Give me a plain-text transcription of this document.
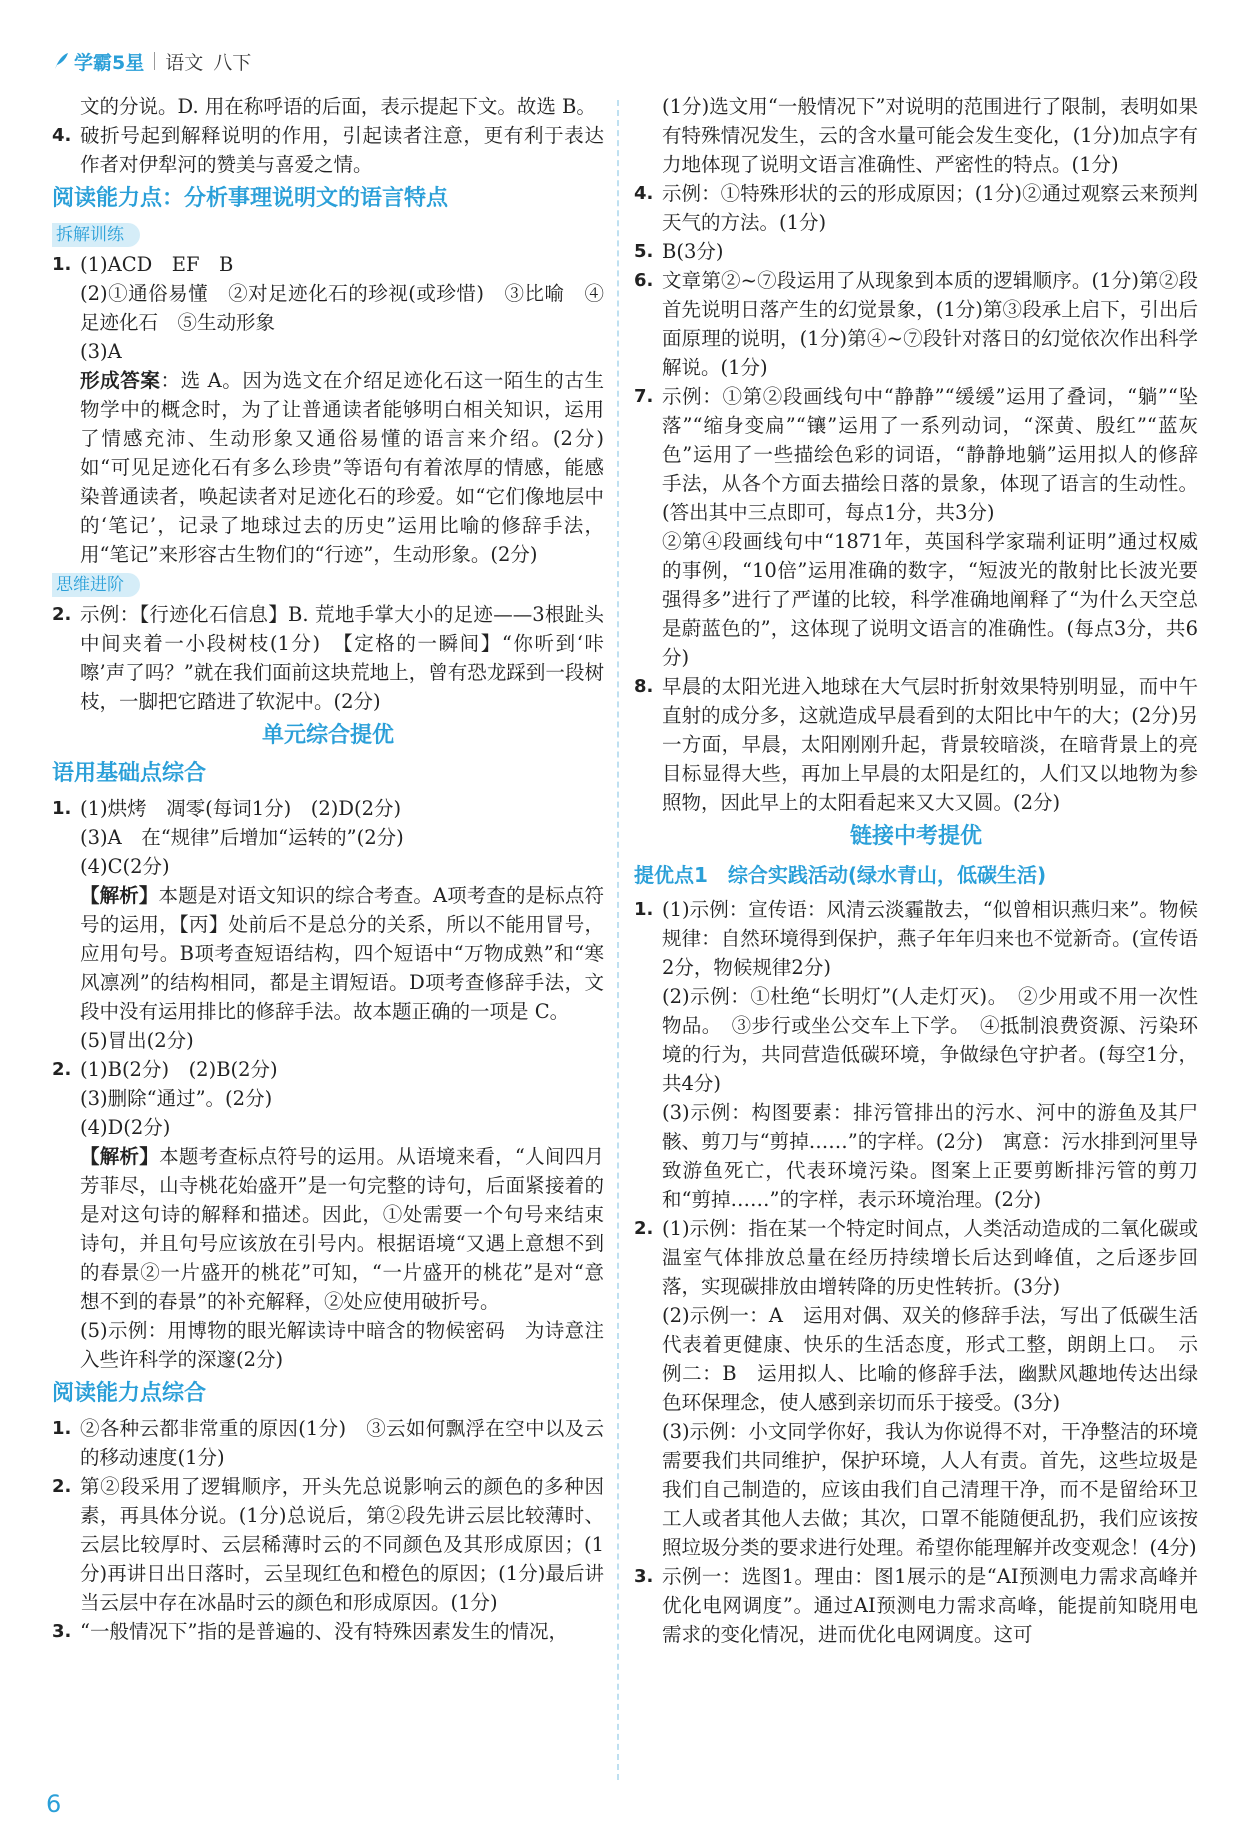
学霸5星 语文 八下

文的分说。D. 用在称呼语的后面，表示提起下文。故选 B。

4. 破折号起到解释说明的作用，引起读者注意，更有利于表达作者对伊犁河的赞美与喜爱之情。
阅读能力点：分析事理说明文的语言特点
拆解训练
1. (1)ACD　EF　B

(2)①通俗易懂　②对足迹化石的珍视(或珍惜)　③比喻　④足迹化石　⑤生动形象

(3)A

形成答案：选 A。因为选文在介绍足迹化石这一陌生的古生物学中的概念时，为了让普通读者能够明白相关知识，运用了情感充沛、生动形象又通俗易懂的语言来介绍。(2分)如“可见足迹化石有多么珍贵”等语句有着浓厚的情感，能感染普通读者，唤起读者对足迹化石的珍爱。如“它们像地层中的‘笔记’，记录了地球过去的历史”运用比喻的修辞手法，用“笔记”来形容古生物们的“行迹”，生动形象。(2分)

思维进阶
2. 示例：【行迹化石信息】B. 荒地手掌大小的足迹——3根趾头中间夹着一小段树枝(1分)　【定格的一瞬间】“你听到‘咔嚓’声了吗？”就在我们面前这块荒地上，曾有恐龙踩到一段树枝，一脚把它踏进了软泥中。(2分)
单元综合提优
语用基础点综合
1. (1)烘烤　凋零(每词1分)　(2)D(2分)

(3)A　在“规律”后增加“运转的”(2分)

(4)C(2分)

【解析】本题是对语文知识的综合考查。A项考查的是标点符号的运用，【丙】处前后不是总分的关系，所以不能用冒号，应用句号。B项考查短语结构，四个短语中“万物成熟”和“寒风凛冽”的结构相同，都是主谓短语。D项考查修辞手法，文段中没有运用排比的修辞手法。故本题正确的一项是 C。

(5)冒出(2分)

2. (1)B(2分)　(2)B(2分)

(3)删除“通过”。(2分)

(4)D(2分)

【解析】本题考查标点符号的运用。从语境来看，“人间四月芳菲尽，山寺桃花始盛开”是一句完整的诗句，后面紧接着的是对这句诗的解释和描述。因此，①处需要一个句号来结束诗句，并且句号应该放在引号内。根据语境“又遇上意想不到的春景②一片盛开的桃花”可知，“一片盛开的桃花”是对“意想不到的春景”的补充解释，②处应使用破折号。

(5)示例：用博物的眼光解读诗中暗含的物候密码　为诗意注入些许科学的深邃(2分)

阅读能力点综合
1. ②各种云都非常重的原因(1分)　③云如何飘浮在空中以及云的移动速度(1分)
2. 第②段采用了逻辑顺序，开头先总说影响云的颜色的多种因素，再具体分说。(1分)总说后，第②段先讲云层比较薄时、云层比较厚时、云层稀薄时云的不同颜色及其形成原因；(1分)再讲日出日落时，云呈现红色和橙色的原因；(1分)最后讲当云层中存在冰晶时云的颜色和形成原因。(1分)
3. “一般情况下”指的是普遍的、没有特殊因素发生的情况，

(1分)选文用“一般情况下”对说明的范围进行了限制，表明如果有特殊情况发生，云的含水量可能会发生变化，(1分)加点字有力地体现了说明文语言准确性、严密性的特点。(1分)

4. 示例：①特殊形状的云的形成原因；(1分)②通过观察云来预判天气的方法。(1分)
5. B(3分)
6. 文章第②~⑦段运用了从现象到本质的逻辑顺序。(1分)第②段首先说明日落产生的幻觉景象，(1分)第③段承上启下，引出后面原理的说明，(1分)第④~⑦段针对落日的幻觉依次作出科学解说。(1分)
7. 示例：①第②段画线句中“静静”“缓缓”运用了叠词，“躺”“坠落”“缩身变扁”“镶”运用了一系列动词，“深黄、殷红”“蓝灰色”运用了一些描绘色彩的词语，“静静地躺”运用拟人的修辞手法，从各个方面去描绘日落的景象，体现了语言的生动性。(答出其中三点即可，每点1分，共3分)

②第④段画线句中“1871年，英国科学家瑞利证明”通过权威的事例，“10倍”运用准确的数字，“短波光的散射比长波光要强得多”进行了严谨的比较，科学准确地阐释了“为什么天空总是蔚蓝色的”，这体现了说明文语言的准确性。(每点3分，共6分)

8. 早晨的太阳光进入地球在大气层时折射效果特别明显，而中午直射的成分多，这就造成早晨看到的太阳比中午的大；(2分)另一方面，早晨，太阳刚刚升起，背景较暗淡，在暗背景上的亮目标显得大些，再加上早晨的太阳是红的，人们又以地物为参照物，因此早上的太阳看起来又大又圆。(2分)
链接中考提优
提优点1　综合实践活动(绿水青山，低碳生活)
1. (1)示例：宣传语：风清云淡霾散去，“似曾相识燕归来”。物候规律：自然环境得到保护，燕子年年归来也不觉新奇。(宣传语2分，物候规律2分)

(2)示例：①杜绝“长明灯”(人走灯灭)。　②少用或不用一次性物品。　③步行或坐公交车上下学。　④抵制浪费资源、污染环境的行为，共同营造低碳环境，争做绿色守护者。(每空1分，共4分)

(3)示例：构图要素：排污管排出的污水、河中的游鱼及其尸骸、剪刀与“剪掉……”的字样。(2分)　寓意：污水排到河里导致游鱼死亡，代表环境污染。图案上正要剪断排污管的剪刀和“剪掉……”的字样，表示环境治理。(2分)

2. (1)示例：指在某一个特定时间点，人类活动造成的二氧化碳或温室气体排放总量在经历持续增长后达到峰值，之后逐步回落，实现碳排放由增转降的历史性转折。(3分)

(2)示例一：A　运用对偶、双关的修辞手法，写出了低碳生活代表着更健康、快乐的生活态度，形式工整，朗朗上口。　示例二：B　运用拟人、比喻的修辞手法，幽默风趣地传达出绿色环保理念，使人感到亲切而乐于接受。(3分)

(3)示例：小文同学你好，我认为你说得不对，干净整洁的环境需要我们共同维护，保护环境，人人有责。首先，这些垃圾是我们自己制造的，应该由我们自己清理干净，而不是留给环卫工人或者其他人去做；其次，口罩不能随便乱扔，我们应该按照垃圾分类的要求进行处理。希望你能理解并改变观念！(4分)

3. 示例一：选图1。理由：图1展示的是“AI预测电力需求高峰并优化电网调度”。通过AI预测电力需求高峰，能提前知晓用电需求的变化情况，进而优化电网调度。这可
6
